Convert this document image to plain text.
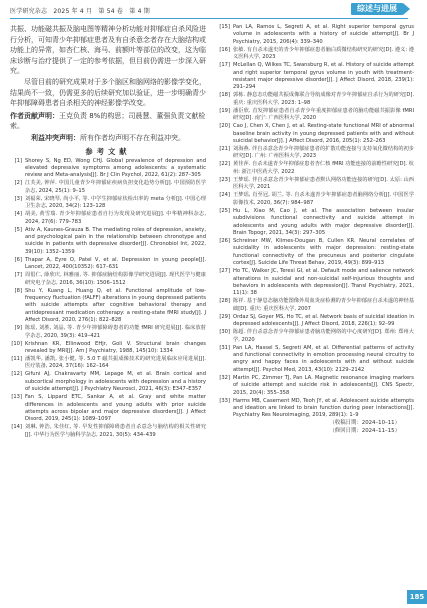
医学研究杂志　2025 年 4 月　第 54 卷　第 4 期	综述与进展

共振、功能磁共振及脑电图等精神分析功能对抑郁症自杀风险进行分析，可知青少年抑郁症患者及有自杀意念者存在大脑结构或功能上的异常，如杏仁核、海马、前额叶等部位的改变，这为临床诊断与治疗提供了一定的参考依据，但目前仍需进一步深入研究。

尽管目前的研究成果对于多个脑区和脑网络的影像学变化，结果尚不一致，仍需更多的后续研究加以验证，进一步明确青少年抑郁障碍患者自杀相关的神经影像学改变。

作者贡献声明：王克负责 8%的构思；司晨慧、董强负责文献检索。

利益冲突声明：所有作者均声明不存在利益冲突。

参考文献
[1] Shorey S, Ng ED, Wong CHJ. Global prevalence of depression and elevated depressive symptoms among adolescents: a systematic review and Meta-analysis[J]. Br J Clin Psychol, 2022, 61(2): 287–305
[2] 江芙美, 钟萍. 中国儿童青少年抑郁症疾病负担变化趋势分析[J]. 中国预防医学杂志, 2024, 25(1): 9–15
[3] 刘福荣, 宋晓琴, 尚小平, 等. 中学生抑郁症状检出率的 meta 分析[J]. 中国心理卫生杂志, 2020, 34(2): 123–128
[4] 胡美, 黄雪瑞. 青少年抑郁症患者自行为发现及研究进展[J]. 中华精神科杂志, 2024, 27(6): 779–783
[5] Ativ A, Kaunes-Grauza B. The mediating roles of depression, anxiety, and psychological pain in the relationship between chronotype and suicide in patients with depressive disorder[J]. Chronobiol Int, 2022, 39(10): 1352–1359
[6] Thapar A, Eyre O, Patel V, et al. Depression in young people[J]. Lancet, 2022, 400(10352): 617–631
[7] 周倡仁, 薛欣庆, 林雅丽, 等. 抑郁症脑结构影像学研究进展[J]. 现代医学与健康研究电子杂志, 2016, 36(10): 1506–1512
[8] Shu Y, Kuang L, Huang Q, et al. Functional amplitude of low-frequency fluctuation (fALFF) alterations in young depressed patients with suicide attempts after cognitive behavioral therapy and antidepressant medication cotherapy: a resting-state fMRI study[J]. J Affect Disord, 2020, 276(1): 822–828
[9] 陈瑶, 刘胜, 刘晶, 等. 青少年抑郁障碍患者的功能 fMRI 研究进展[J]. 临床放射学杂志, 2020, 39(3): 419–421
[10] Krishnan KR, Ellinwood EHjr, Goli V. Structural brain changes revealed by MRI[J]. Am J Psychiatry, 1988, 145(10): 1334
[11] 潘凯华, 潘凯, 张小健, 等. 5.0 T 磁共振成像技术的研究进展临床应用进展[J]. 医疗装备, 2024, 37(16): 162–164
[12] Gifuni AJ, Chakravarty MM, Lepage M, et al. Brain cortical and subcortical morphology in adolescents with depression and a history of suicide attempt[J]. J Psychiatry Neurosci, 2021, 46(3): E347–E357
[13] Fan S, Lippard ETC, Sankar A, et al. Gray and white matter differences in adolescents and young adults with prior suicide attempts across bipolar and major depressive disorders[J]. J Affect Disord, 2019, 245(1): 1089–1097
[14] 刘琳, 钟浩, 朱佳红, 等. 早发性抑郁障碍患者自杀意念与脑结构的相关性研究[J]. 中华行为医学与脑科学杂志, 2021, 30(5): 434–439
[15] Pan LA, Ramos L, Segreti A, et al. Right superior temporal gyrus volume in adolescents with a history of suicide attempt[J]. Br J Psychiatry, 2015, 206(4): 339–340
[16] 张敏. 有自杀未遂史的青少年抑郁症患者脑白质微结构研究的研究[D]. 遵义: 遵义医科大学, 2023
[17] McLellan Q, Wilkes TC, Swansburg R, et al. History of suicide attempt and right superior temporal gyrus volume in youth with treatment-resistant major depressive disorder[J]. J Affect Disord, 2018, 239(1): 291–294
[18] 郭栋. 静息态功能磁共振成像联合导航成像对青少年抑郁症自杀行为的研究[D]. 重庆: 重庆医科大学, 2023: 1–98
[19] 潘臣欣. 首发抑郁症患者自杀青少年重度抑郁症患者的脑功能磁共振影像 fMRI 研究[D]. 南宁: 广西医科大学, 2020
[20] Cao J, Chen X, Chen J, et al. Resting-state functional MRI of abnormal baseline brain activity in young depressed patients with and without suicidal behavior[J]. J Affect Disord, 2016, 205(1): 252–263
[21] 刘海燕. 伴自杀意念青少年抑郁症患者的扩散功能连接与支持氧化微结构的初步研究[D]. 广州: 广州医科大学, 2023
[22] 黄佳萍. 自杀未遂青少年抑郁症患者杏仁核 fMRI 功能连接的前瞻性研究[D]. 杭州: 浙江中医药大学, 2022
[23] 王梦瑶. 伴自杀意念青少年抑郁症患者默认网络功能连接的研究[D]. 太原: 山西医科大学, 2021
[24] 王梦瑶, 肖至冠, 胡兰, 等. 自杀未遂青少年抑郁症患者脑网络分析[J]. 中国医学影像技术, 2020, 36(7): 984–987
[25] Hu L, Xiao M, Cao J, et al. The association between insular subdivisions functional connectivity and suicide attempt in adolescents and young adults with major depressive disorder[J]. Brain Topogr, 2021, 34(3): 297–305
[26] Schreiner MW, Klimes-Dougan B, Cullen KR. Neural correlates of suicidality in adolescents with major depression: resting-state functional connectivity of the precuneus and posterior cingulate cortex[J]. Suicide Life Threat Behav, 2019, 49(3): 899–913
[27] Ho TC, Walker JC, Teresi GI, et al. Default mode and salience network alterations in suicidal and non-suicidal self-injurious thoughts and behaviors in adolescents with depression[J]. Transl Psychiatry, 2021, 11(1): 38
[28] 陈祥. 基于静息态脑功能图像外周血炎症检测的青少年抑郁症自杀未遂的神经基础[D]. 重庆: 重庆医科大学, 2007
[29] Ordaz SJ, Goyer MS, Ho TC, et al. Network basis of suicidal ideation in depressed adolescents[J]. J Affect Disord, 2018, 226(1): 92–99
[30] 陈超. 伴自杀意念青少年抑郁症患者脑功能网络的中心度研究[D]. 郑州: 郑州大学, 2020
[31] Pan LA, Hassel S, Segreti AM, et al. Differential patterns of activity and functional connectivity in emotion processing neural circuitry to angry and happy faces in adolescents with and without suicide attempt[J]. Psychol Med, 2013, 43(10): 2129–2142
[32] Martin PC, Zimmer TJ, Pan LA. Magnetic resonance imaging markers of suicide attempt and suicide risk in adolescents[J]. CNS Spectr, 2015, 20(4): 355–358
[33] Harms MB, Casement MD, Teoh JY, et al. Adolescent suicide attempts and ideation are linked to brain function during peer interactions[J]. Psychiatry Res Neuroimaging, 2019, 289(1): 1–9

（收稿日期：2024–10–11）

（修回日期：2024–11–15）

185
